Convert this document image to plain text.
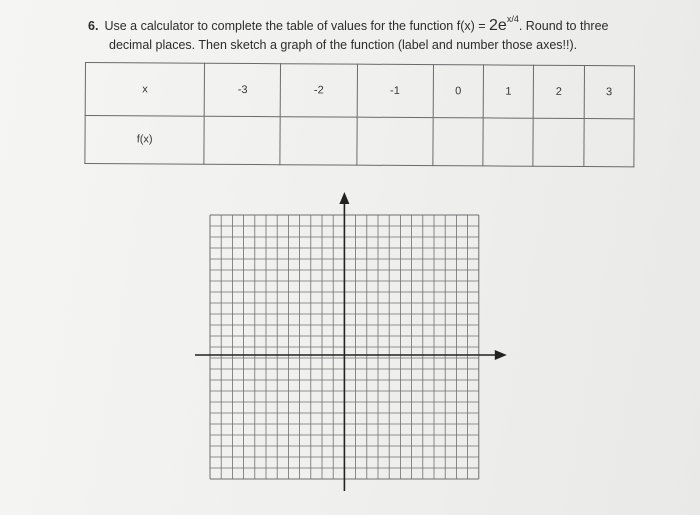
6. Use a calculator to complete the table of values for the function $f(x) = 2e^{x/4}$. Round to three
decimal places. Then sketch a graph of the function (label and number those axes!!).
x	-3	-2	-1	0	1	2	3
f(x)							
